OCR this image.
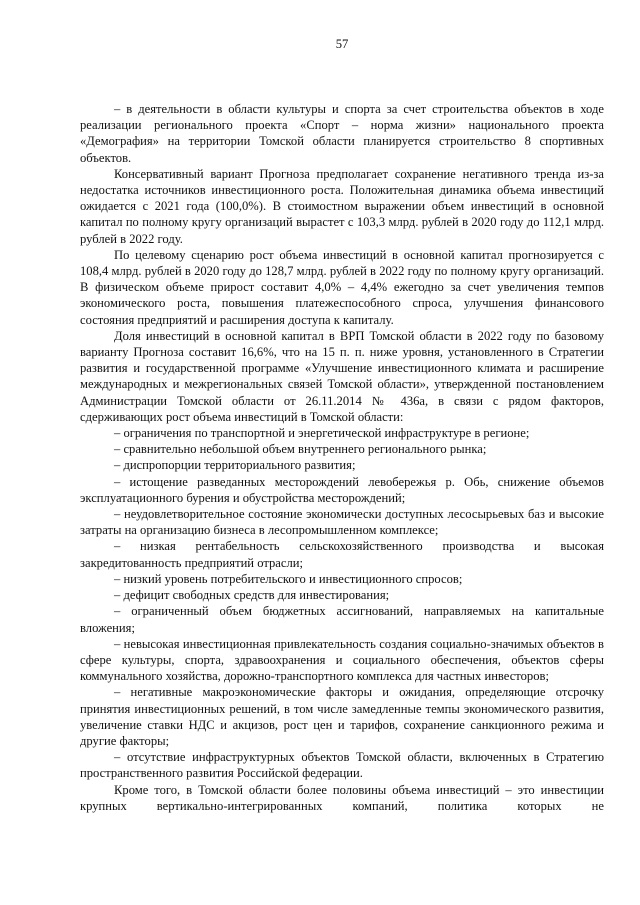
57

– в деятельности в области культуры и спорта за счет строительства объектов в ходе реализации регионального проекта «Спорт – норма жизни» национального проекта «Демография» на территории Томской области планируется строительство 8 спортивных объектов.

Консервативный вариант Прогноза предполагает сохранение негативного тренда из-за недостатка источников инвестиционного роста. Положительная динамика объема инвестиций ожидается с 2021 года (100,0%). В стоимостном выражении объем инвестиций в основной капитал по полному кругу организаций вырастет с 103,3 млрд. рублей в 2020 году до 112,1 млрд. рублей в 2022 году.

По целевому сценарию рост объема инвестиций в основной капитал прогнозируется с 108,4 млрд. рублей в 2020 году до 128,7 млрд. рублей в 2022 году по полному кругу организаций. В физическом объеме прирост составит 4,0% – 4,4% ежегодно за счет увеличения темпов экономического роста, повышения платежеспособного спроса, улучшения финансового состояния предприятий и расширения доступа к капиталу.

Доля инвестиций в основной капитал в ВРП Томской области в 2022 году по базовому варианту Прогноза составит 16,6%, что на 15 п. п. ниже уровня, установленного в Стратегии развития и государственной программе «Улучшение инвестиционного климата и расширение международных и межрегиональных связей Томской области», утвержденной постановлением Администрации Томской области от 26.11.2014 № 436а, в связи с рядом факторов, сдерживающих рост объема инвестиций в Томской области:

– ограничения по транспортной и энергетической инфраструктуре в регионе;

– сравнительно небольшой объем внутреннего регионального рынка;

– диспропорции территориального развития;

– истощение разведанных месторождений левобережья р. Обь, снижение объемов эксплуатационного бурения и обустройства месторождений;

– неудовлетворительное состояние экономически доступных лесосырьевых баз и высокие затраты на организацию бизнеса в лесопромышленном комплексе;

– низкая рентабельность сельскохозяйственного производства и высокая закредитованность предприятий отрасли;

– низкий уровень потребительского и инвестиционного спросов;

– дефицит свободных средств для инвестирования;

– ограниченный объем бюджетных ассигнований, направляемых на капитальные вложения;

– невысокая инвестиционная привлекательность создания социально-значимых объектов в сфере культуры, спорта, здравоохранения и социального обеспечения, объектов сферы коммунального хозяйства, дорожно-транспортного комплекса для частных инвесторов;

– негативные макроэкономические факторы и ожидания, определяющие отсрочку принятия инвестиционных решений, в том числе замедленные темпы экономического развития, увеличение ставки НДС и акцизов, рост цен и тарифов, сохранение санкционного режима и другие факторы;

– отсутствие инфраструктурных объектов Томской области, включенных в Стратегию пространственного развития Российской федерации.

Кроме того, в Томской области более половины объема инвестиций – это инвестиции крупных вертикально-интегрированных компаний, политика которых не
